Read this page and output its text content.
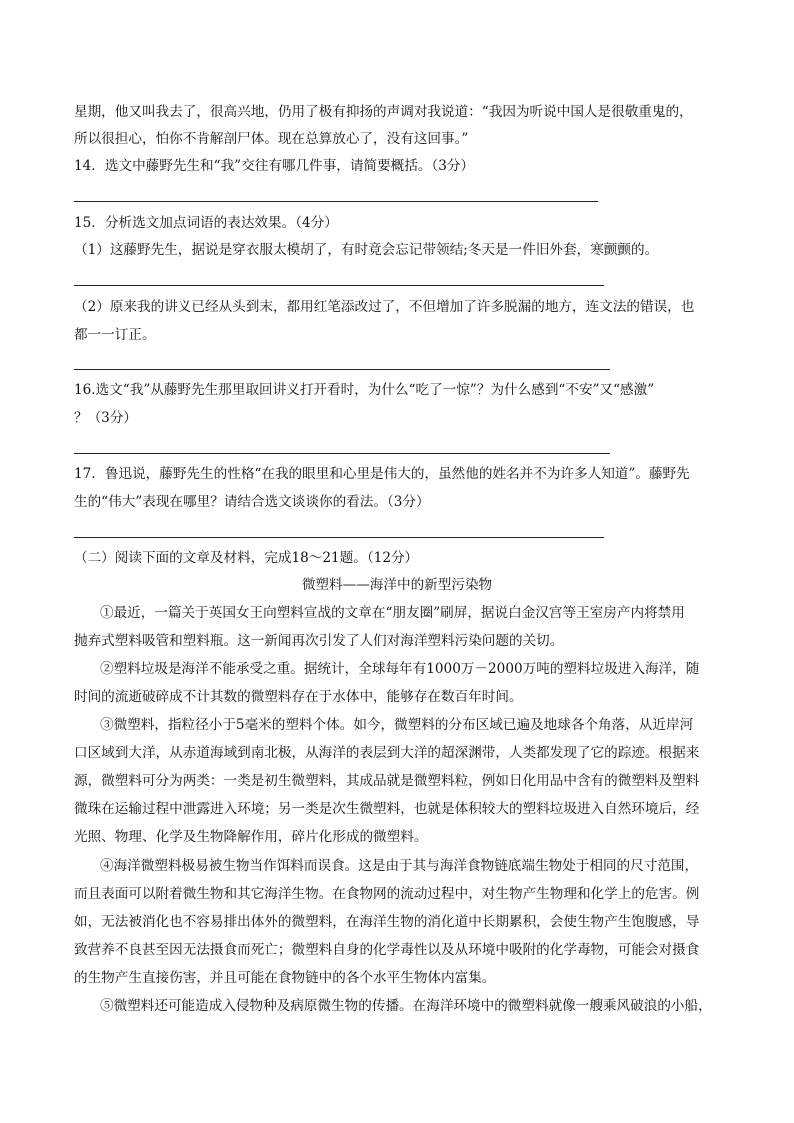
星期，他又叫我去了，很高兴地，仍用了极有抑扬的声调对我说道：“我因为听说中国人是很敬重鬼的，
所以很担心，怕你不肯解剖尸体。现在总算放心了，没有这回事。”
14．选文中藤野先生和“我”交往有哪几件事，请简要概括。（3分）
15．分析选文加点词语的表达效果。（4分）
（1）这藤野先生，据说是穿衣服太模胡了，有时竟会忘记带领结;冬天是一件旧外套，寒颤颤的。
（2）原来我的讲义已经从头到末，都用红笔添改过了，不但增加了许多脱漏的地方，连文法的错误，也
都一一订正。
16.选文“我”从藤野先生那里取回讲义打开看时，为什么“吃了一惊”？为什么感到“不安”又“感激”
？（3分）
17．鲁迅说，藤野先生的性格“在我的眼里和心里是伟大的，虽然他的姓名并不为许多人知道”。藤野先
生的“伟大”表现在哪里？请结合选文谈谈你的看法。（3分）
（二）阅读下面的文章及材料，完成18～21题。（12分）
微塑料——海洋中的新型污染物
①最近，一篇关于英国女王向塑料宣战的文章在“朋友圈”刷屏，据说白金汉宫等王室房产内将禁用
抛弃式塑料吸管和塑料瓶。这一新闻再次引发了人们对海洋塑料污染问题的关切。
②塑料垃圾是海洋不能承受之重。据统计，全球每年有1000万－2000万吨的塑料垃圾进入海洋，随
时间的流逝破碎成不计其数的微塑料存在于水体中，能够存在数百年时间。
③微塑料，指粒径小于5毫米的塑料个体。如今，微塑料的分布区域已遍及地球各个角落，从近岸河
口区域到大洋，从赤道海域到南北极，从海洋的表层到大洋的超深渊带，人类都发现了它的踪迹。根据来
源，微塑料可分为两类：一类是初生微塑料，其成品就是微塑料粒，例如日化用品中含有的微塑料及塑料
微珠在运输过程中泄露进入环境；另一类是次生微塑料，也就是体积较大的塑料垃圾进入自然环境后，经
光照、物理、化学及生物降解作用，碎片化形成的微塑料。
④海洋微塑料极易被生物当作饵料而误食。这是由于其与海洋食物链底端生物处于相同的尺寸范围，
而且表面可以附着微生物和其它海洋生物。在食物网的流动过程中，对生物产生物理和化学上的危害。例
如，无法被消化也不容易排出体外的微塑料，在海洋生物的消化道中长期累积，会使生物产生饱腹感，导
致营养不良甚至因无法摄食而死亡；微塑料自身的化学毒性以及从环境中吸附的化学毒物，可能会对摄食
的生物产生直接伤害，并且可能在食物链中的各个水平生物体内富集。
⑤微塑料还可能造成入侵物种及病原微生物的传播。在海洋环境中的微塑料就像一艘乘风破浪的小船，
